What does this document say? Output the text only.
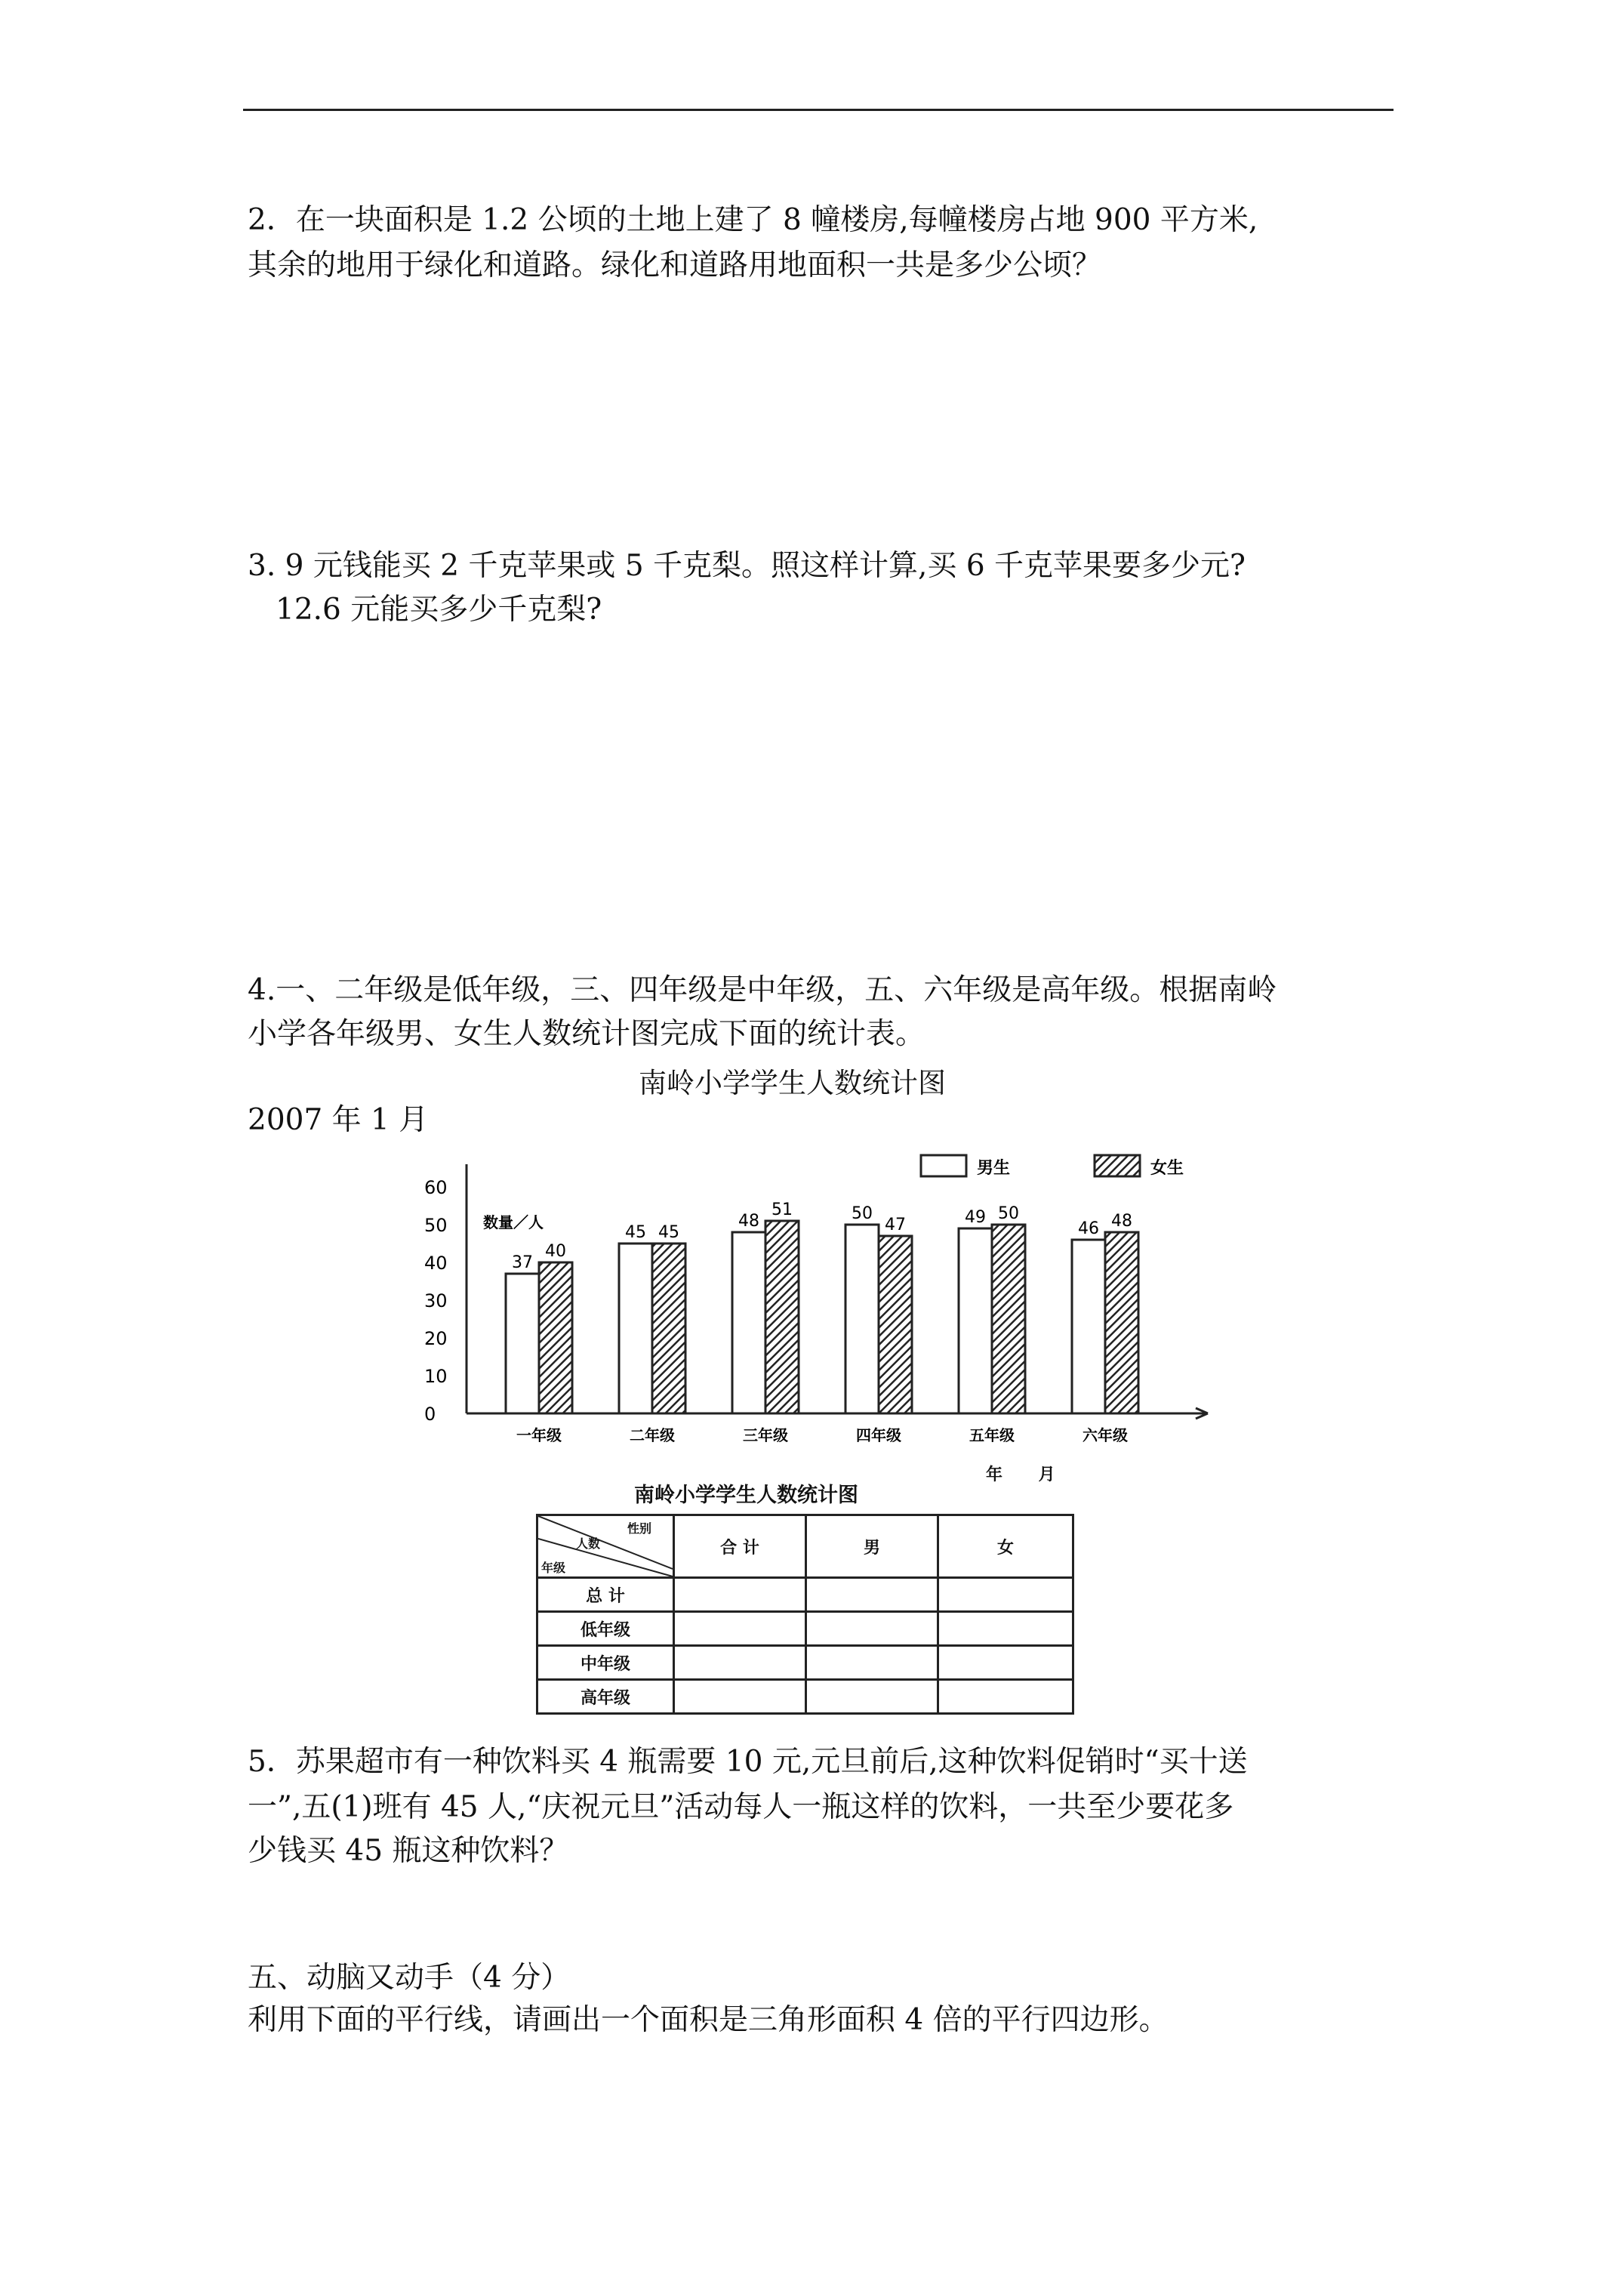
2．在一块面积是 1.2 公顷的土地上建了 8 幢楼房,每幢楼房占地 900 平方米,
其余的地用于绿化和道路。绿化和道路用地面积一共是多少公顷？
3. 9 元钱能买 2 千克苹果或 5 千克梨。照这样计算,买 6 千克苹果要多少元?
12.6 元能买多少千克梨?
4.一、二年级是低年级，三、四年级是中年级，五、六年级是高年级。根据南岭
小学各年级男、女生人数统计图完成下面的统计表。
南岭小学学生人数统计图
2007 年 1 月
数量／人
0
10
20
30
40
50
60
37
40
一年级
45 45
二年级
48
51
三年级
50
47
四年级
49 50
五年级
46 48
六年级
男生	女生
南岭小学学生人数统计图
年 月
性别
人数
年级	合 计	男	女
总 计			
低年级			
中年级			
高年级			
5．苏果超市有一种饮料买 4 瓶需要 10 元,元旦前后,这种饮料促销时“买十送
一”,五(1)班有 45 人,“庆祝元旦”活动每人一瓶这样的饮料，一共至少要花多
少钱买 45 瓶这种饮料？
五、动脑又动手（4 分）
利用下面的平行线，请画出一个面积是三角形面积 4 倍的平行四边形。
